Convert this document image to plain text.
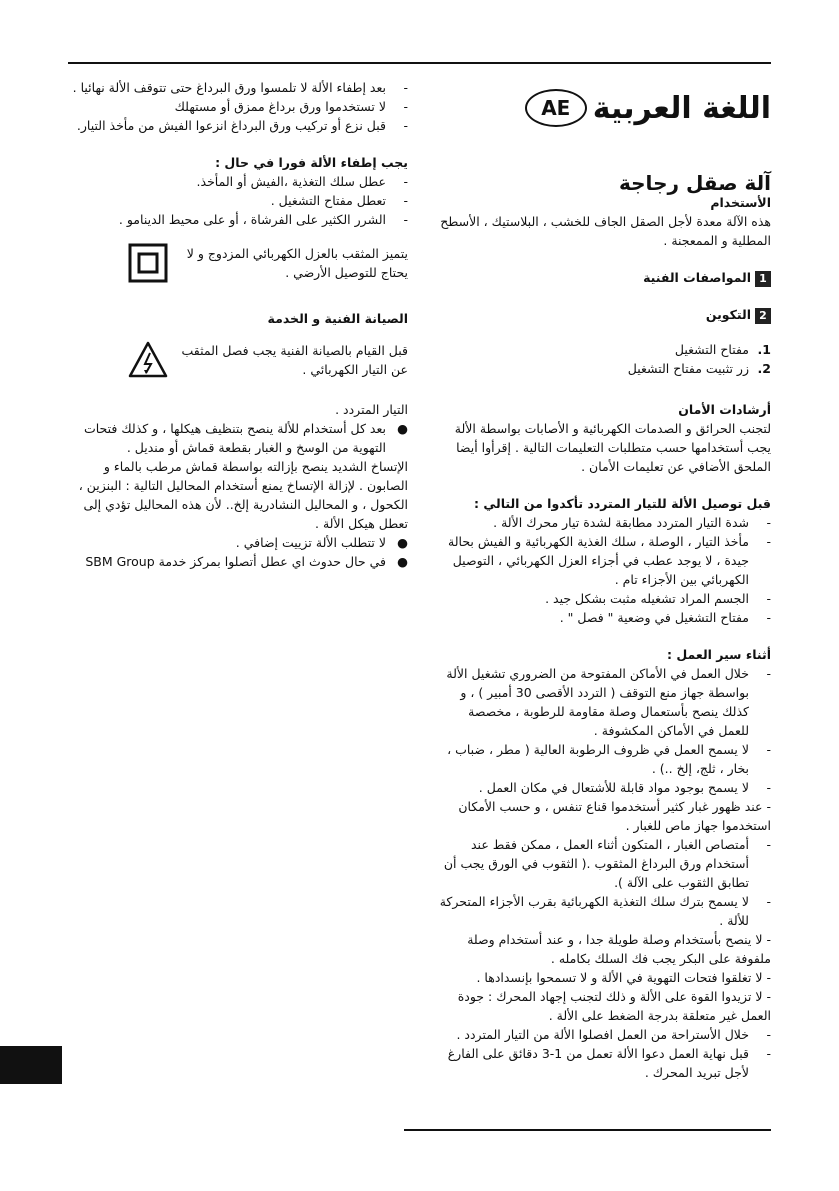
اللغة العربية
AE
آلة صقل رجاجة

الأستخدام

هذه الآلة معدة لأجل الصقل الجاف للخشب ، البلاستيك ، الأسطح المطلية و الممعجنة .

1المواصفات الفنية

2التكوين

1.
مفتاح التشغيل
2.
زر تثبيت مفتاح التشغيل

أرشادات الأمان

لتجنب الحرائق و الصدمات الكهربائية و الأصابات بواسطة الألة يجب أستخدامها حسب متطلبات التعليمات التالية . إقرأوا أيضا الملحق الأضافي عن تعليمات الأمان .

قبل توصيل الألة للتيار المتردد تأكدوا من التالي :

-
شدة التيار المتردد مطابقة لشدة تيار محرك الألة .
-
مأخذ التيار ، الوصلة ، سلك الغذية الكهربائية و الفيش بحالة جيدة ، لا يوجد عطب في أجزاء العزل الكهربائي ، التوصيل الكهربائي بين الأجزاء تام .
-
الجسم المراد تشغيله مثبت بشكل جيد .
-
مفتاح التشغيل في وضعية " فصل " .

أثناء سير العمل :

-
خلال العمل في الأماكن المفتوحة من الضروري تشغيل الألة بواسطة جهاز منع التوقف ( التردد الأقصى 30 أمبير ) ، و كذلك ينصح بأستعمال وصلة مقاومة للرطوبة ، مخصصة للعمل في الأماكن المكشوفة .
-
لا يسمح العمل في ظروف الرطوبة العالية ( مطر ، ضباب ، بخار ، ثلج، إلخ ..) .
-
لا يسمح بوجود مواد قابلة للأشتعال في مكان العمل .
- عند ظهور غبار كثير أستخدموا قناع تنفس ، و حسب الأمكان استخدموا جهاز ماص للغبار .
-
أمتصاص الغبار ، المتكون أثناء العمل ، ممكن فقط عند أستخدام ورق البرداغ المثقوب .( الثقوب في الورق يجب أن تطابق الثقوب على الآلة ).
-
لا يسمح بترك سلك التغذية الكهربائية بقرب الأجزاء المتحركة للألة .
- لا ينصح بأستخدام وصلة طويلة جدا ، و عند أستخدام وصلة ملفوفة على البكر يجب فك السلك بكامله .
- لا تغلقوا فتحات التهوية في الألة و لا تسمحوا بإنسدادها .
- لا تزيدوا القوة على الألة و ذلك لتجنب إجهاد المحرك : جودة العمل غير متعلقة بدرجة الضغط على الألة .
-
خلال الأستراحة من العمل افصلوا الألة من التيار المتردد .
-
قبل نهاية العمل دعوا الألة تعمل من 1-3 دقائق على الفارغ لأجل تبريد المحرك .
-
بعد إطفاء الألة لا تلمسوا ورق البرداغ حتى تتوقف الألة نهائيا .
-
لا تستخدموا ورق برداغ ممزق أو مستهلك
-
قبل نزع أو تركيب ورق البرداغ انزعوا الفيش من مأخذ التيار.

يجب إطفاء الألة فورا في حال :

-
عطل سلك التغذية ،الفيش أو المأخذ.
-
تعطل مفتاح التشغيل .
-
الشرر الكثير على الفرشاة ، أو على محيط الدينامو .
يتميز المثقب بالعزل الكهربائي المزدوج و لا يحتاج للتوصيل الأرضي .

الصيانة الفنية و الخدمة

قبل القيام بالصيانة الفنية يجب فصل المثقب عن التيار الكهربائي .

التيار المتردد .

●
بعد كل أستخدام للألة ينصح بتنظيف هيكلها ، و كذلك فتحات التهوية من الوسخ و الغبار بقطعة قماش أو منديل .
الإتساخ الشديد ينصح بإزالته بواسطة قماش مرطب بالماء و الصابون . لإزالة الإتساخ يمنع أستخدام المحاليل التالية : البنزين ، الكحول ، و المحاليل النشادرية إلخ.. لأن هذه المحاليل تؤدي إلى تعطل هيكل الألة .
●
لا تتطلب الألة تزييت إضافي .
●
في حال حدوث اي عطل أتصلوا بمركز خدمة SBM Group
